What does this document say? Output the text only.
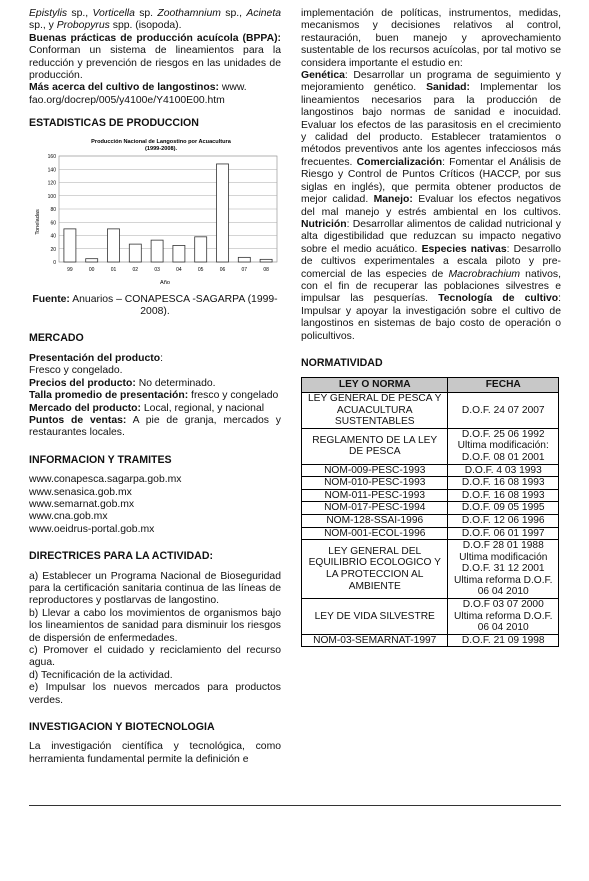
Epistylis sp., Vorticella sp. Zoothamnium sp., Acineta sp., y Probopyrus spp. (isopoda).

Buenas prácticas de producción acuícola (BPPA): Conforman un sistema de lineamientos para la reducción y prevención de riesgos en las unidades de producción.

Más acerca del cultivo de langostinos: www. fao.org/docrep/005/y4100e/Y4100E00.htm

ESTADISTICAS DE PRODUCCION
Producción Nacional de Langostino por Acuacultura
(1999-2008).
Toneladas
Año
0
20
40
60
80
100
120
140
160
99	00	01	02	03	04	05	06	07	08

Fuente: Anuarios – CONAPESCA -SAGARPA (1999-2008).

MERCADO

Presentación del producto:

Fresco y congelado.

Precios del producto: No determinado.

Talla promedio de presentación: fresco y congelado

Mercado del producto: Local, regional, y nacional

Puntos de ventas: A pie de granja, mercados y restaurantes locales.

INFORMACION Y TRAMITES

www.conapesca.sagarpa.gob.mx

www.senasica.gob.mx

www.semarnat.gob.mx

www.cna.gob.mx

www.oeidrus-portal.gob.mx

DIRECTRICES PARA LA ACTIVIDAD:

a) Establecer un Programa Nacional de Bioseguridad para la certificación sanitaria continua de las líneas de reproductores y postlarvas de langostino.

b) Llevar a cabo los movimientos de organismos bajo los lineamientos de sanidad para disminuir los riesgos de dispersión de enfermedades.

c) Promover el cuidado y reciclamiento del recurso agua.

d) Tecnificación de la actividad.

e) Impulsar los nuevos mercados para productos verdes.

INVESTIGACION Y BIOTECNOLOGIA

La investigación científica y tecnológica, como herramienta fundamental permite la definición e

implementación de políticas, instrumentos, medidas, mecanismos y decisiones relativos al control, restauración, buen manejo y aprovechamiento sustentable de los recursos acuícolas, por tal motivo se considera importante el estudio en:

Genética: Desarrollar un programa de seguimiento y mejoramiento genético. Sanidad: Implementar los lineamientos necesarios para la producción de langostinos bajo normas de sanidad e inocuidad. Evaluar los efectos de las parasitosis en el crecimiento y calidad del producto. Establecer tratamientos o métodos preventivos ante los agentes infecciosos más frecuentes. Comercialización: Fomentar el Análisis de Riesgo y Control de Puntos Críticos (HACCP, por sus siglas en inglés), que permita obtener productos de mejor calidad. Manejo: Evaluar los efectos negativos del mal manejo y estrés ambiental en los cultivos. Nutrición: Desarrollar alimentos de calidad nutricional y alta digestibilidad que reduzcan su impacto negativo sobre el medio acuático. Especies nativas: Desarrollo de cultivos experimentales a escala piloto y pre-comercial de las especies de Macrobrachium nativos, con el fin de recuperar las poblaciones silvestres e impulsar las pesquerías. Tecnología de cultivo: Impulsar y apoyar la investigación sobre el cultivo de langostinos en sistemas de bajo costo de operación o policultivos.

NORMATIVIDAD
LEY O NORMA	FECHA
LEY GENERAL DE PESCA Y ACUACULTURA SUSTENTABLES	D.O.F. 24 07 2007
REGLAMENTO DE LA LEY DE PESCA	D.O.F. 25 06 1992 Ultima modificación: D.O.F. 08 01 2001
NOM-009-PESC-1993	D.O.F. 4 03 1993
NOM-010-PESC-1993	D.O.F. 16 08 1993
NOM-011-PESC-1993	D.O.F. 16 08 1993
NOM-017-PESC-1994	D.O.F. 09 05 1995
NOM-128-SSAI-1996	D.O.F. 12 06 1996
NOM-001-ECOL-1996	D.O.F. 06 01 1997
LEY GENERAL DEL EQUILIBRIO ECOLOGICO Y LA PROTECCION AL AMBIENTE	D.O.F 28 01 1988 Ultima modificación D.O.F. 31 12 2001 Ultima reforma D.O.F. 06 04 2010
LEY DE VIDA SILVESTRE	D.O.F 03 07 2000 Ultima reforma D.O.F. 06 04 2010
NOM-03-SEMARNAT-1997	D.O.F. 21 09 1998
